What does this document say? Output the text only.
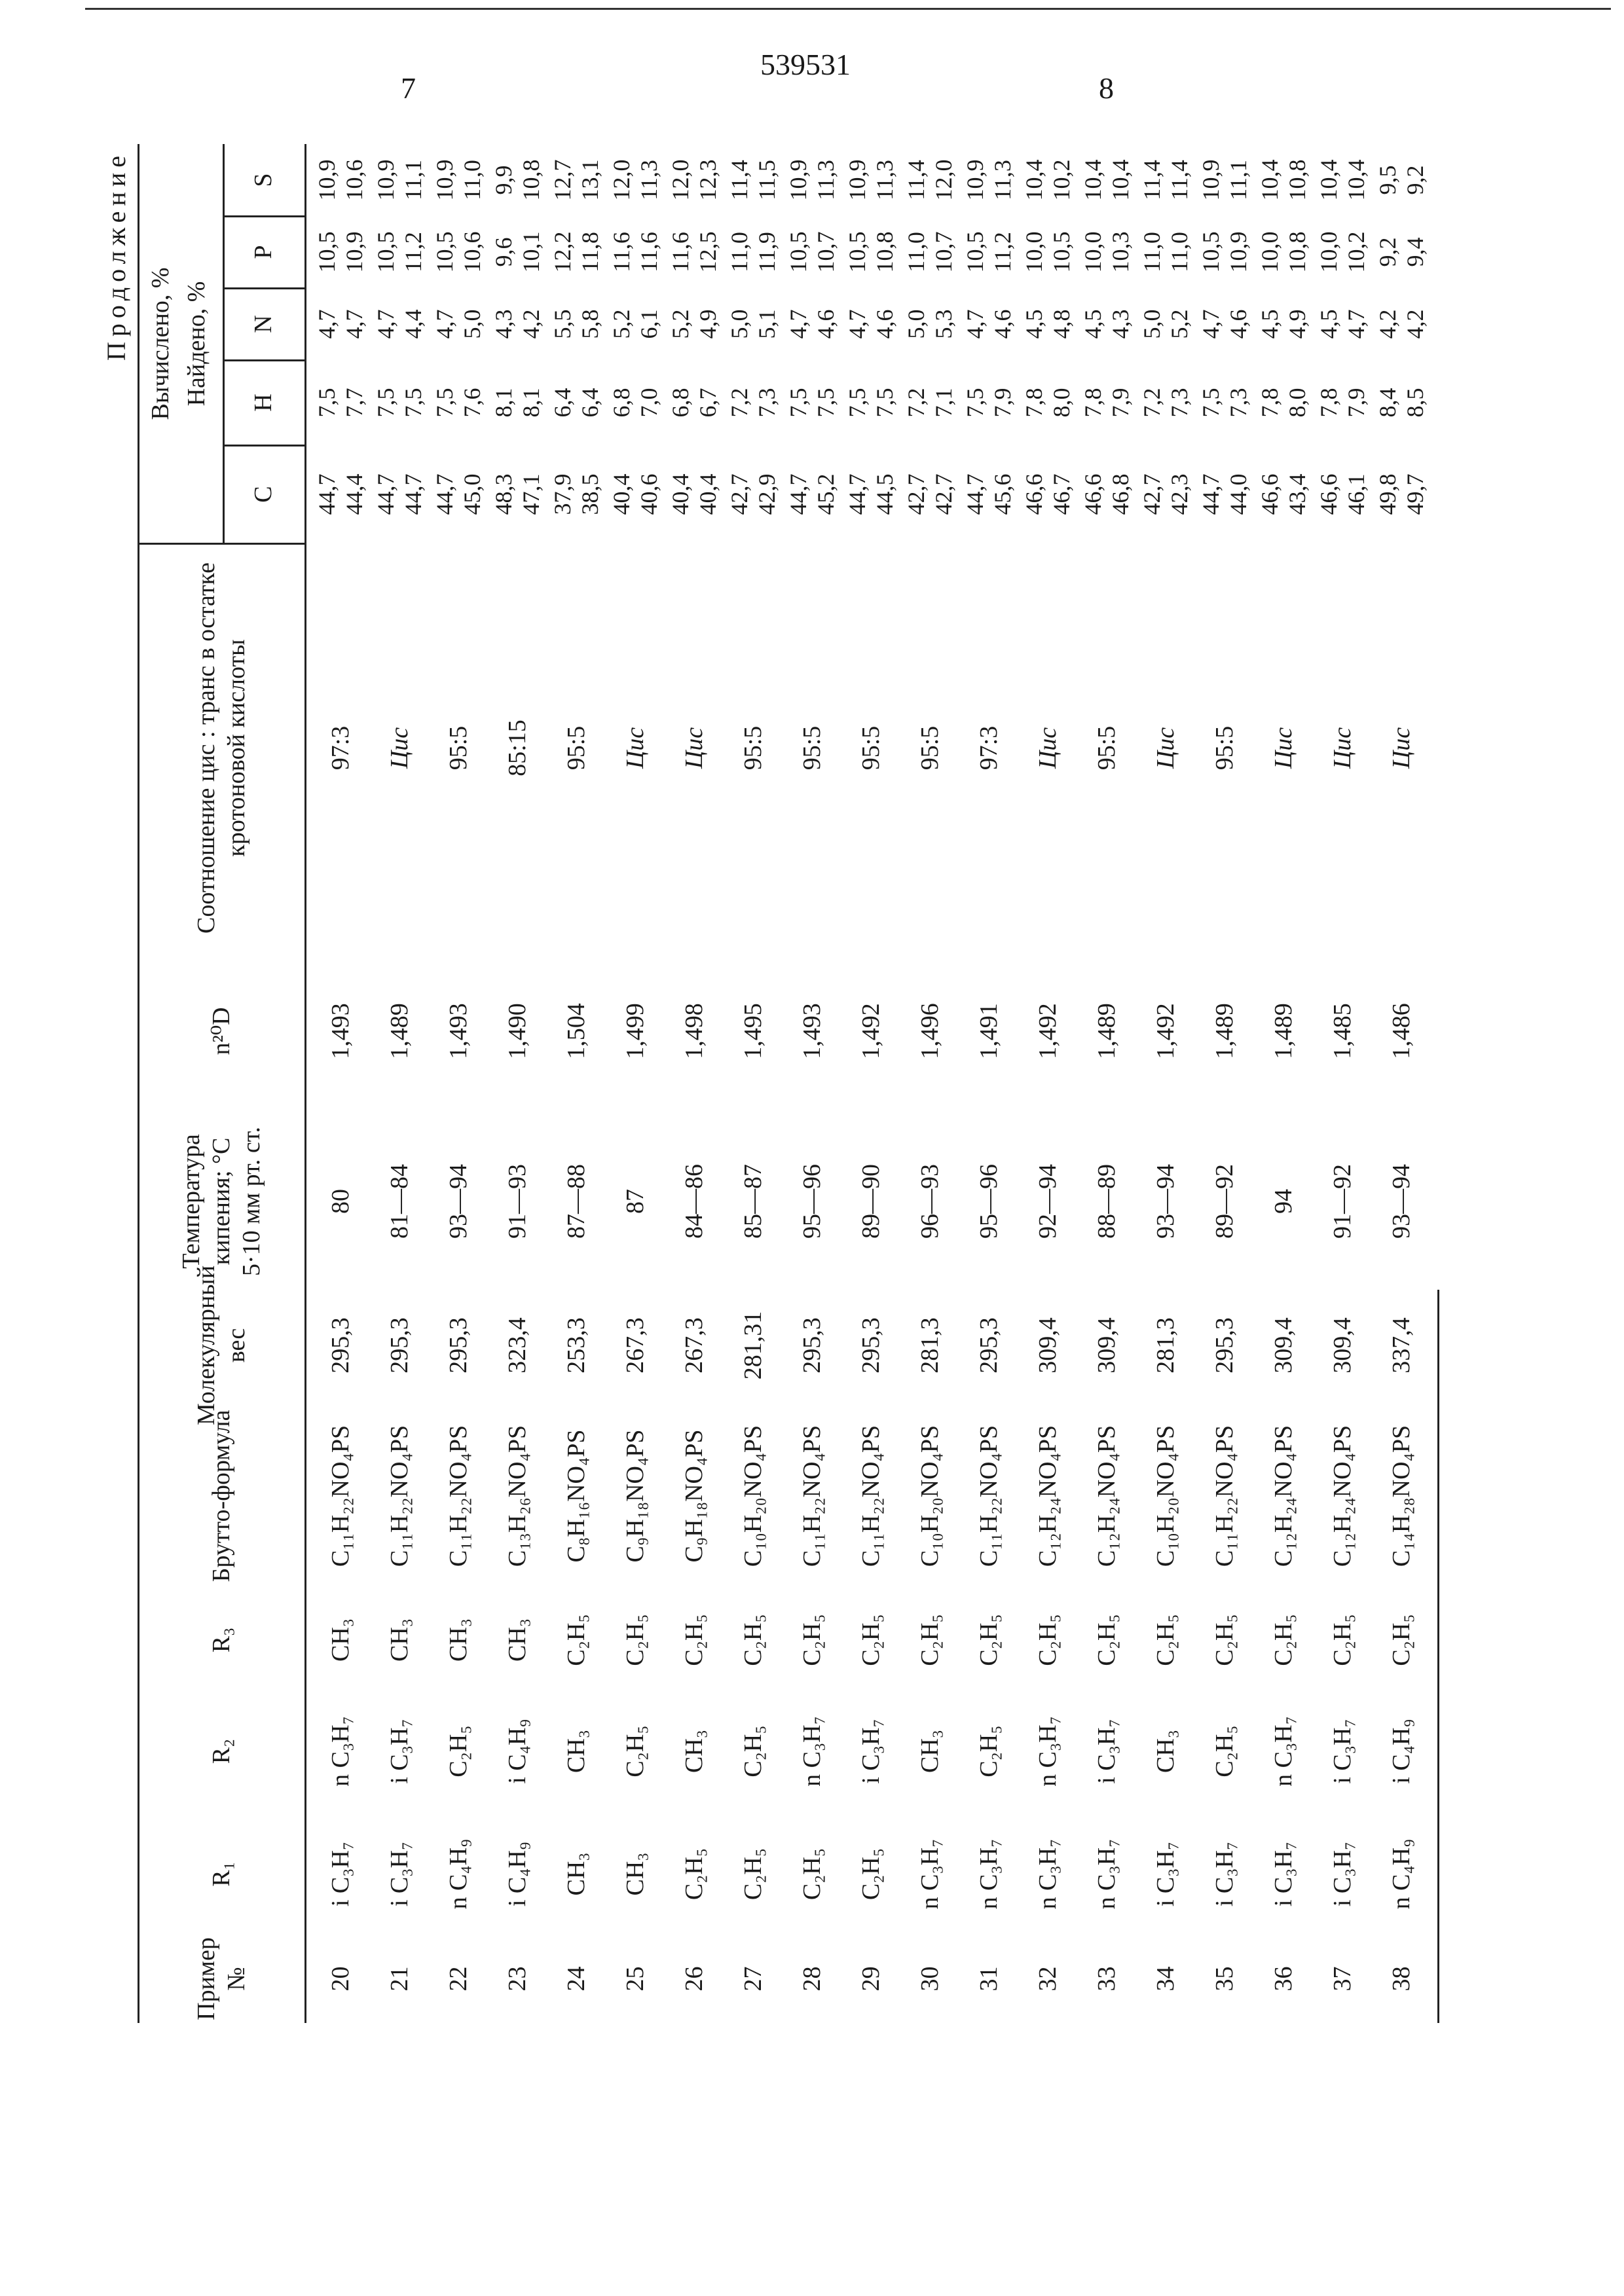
539531
7	8
Продолжение
Пример №
R₁
R₂
R₃
Брутто-формула
Молекулярный вес
Температура кипения; °C 5·10 мм рт. ст.
n²⁰D
Соотношение цис : транс в остатке кротоновой кислоты
Вычислено, % Найдено, %
C
H
N
P
S
20
i C₃H₇
n C₃H₇
CH₃
C₁₁H₂₂NO₄PS
295,3
80
1,493
97:3
44,7 44,4
7,5 7,7
4,7 4,7
10,5 10,9
10,9 10,6
21
i C₃H₇
i C₃H₇
CH₃
C₁₁H₂₂NO₄PS
295,3
81—84
1,489
Цис
44,7 44,7
7,5 7,5
4,7 4,4
10,5 11,2
10,9 11,1
22
n C₄H₉
C₂H₅
CH₃
C₁₁H₂₂NO₄PS
295,3
93—94
1,493
95:5
44,7 45,0
7,5 7,6
4,7 5,0
10,5 10,6
10,9 11,0
23
i C₄H₉
i C₄H₉
CH₃
C₁₃H₂₆NO₄PS
323,4
91—93
1,490
85:15
48,3 47,1
8,1 8,1
4,3 4,2
9,6 10,1
9,9 10,8
24
CH₃
CH₃
C₂H₅
C₈H₁₆NO₄PS
253,3
87—88
1,504
95:5
37,9 38,5
6,4 6,4
5,5 5,8
12,2 11,8
12,7 13,1
25
CH₃
C₂H₅
C₂H₅
C₉H₁₈NO₄PS
267,3
87
1,499
Цис
40,4 40,6
6,8 7,0
5,2 6,1
11,6 11,6
12,0 11,3
26
C₂H₅
CH₃
C₂H₅
C₉H₁₈NO₄PS
267,3
84—86
1,498
Цис
40,4 40,4
6,8 6,7
5,2 4,9
11,6 12,5
12,0 12,3
27
C₂H₅
C₂H₅
C₂H₅
C₁₀H₂₀NO₄PS
281,31
85—87
1,495
95:5
42,7 42,9
7,2 7,3
5,0 5,1
11,0 11,9
11,4 11,5
28
C₂H₅
n C₃H₇
C₂H₅
C₁₁H₂₂NO₄PS
295,3
95—96
1,493
95:5
44,7 45,2
7,5 7,5
4,7 4,6
10,5 10,7
10,9 11,3
29
C₂H₅
i C₃H₇
C₂H₅
C₁₁H₂₂NO₄PS
295,3
89—90
1,492
95:5
44,7 44,5
7,5 7,5
4,7 4,6
10,5 10,8
10,9 11,3
30
n C₃H₇
CH₃
C₂H₅
C₁₀H₂₀NO₄PS
281,3
96—93
1,496
95:5
42,7 42,7
7,2 7,1
5,0 5,3
11,0 10,7
11,4 12,0
31
n C₃H₇
C₂H₅
C₂H₅
C₁₁H₂₂NO₄PS
295,3
95—96
1,491
97:3
44,7 45,6
7,5 7,9
4,7 4,6
10,5 11,2
10,9 11,3
32
n C₃H₇
n C₃H₇
C₂H₅
C₁₂H₂₄NO₄PS
309,4
92—94
1,492
Цис
46,6 46,7
7,8 8,0
4,5 4,8
10,0 10,5
10,4 10,2
33
n C₃H₇
i C₃H₇
C₂H₅
C₁₂H₂₄NO₄PS
309,4
88—89
1,489
95:5
46,6 46,8
7,8 7,9
4,5 4,3
10,0 10,3
10,4 10,4
34
i C₃H₇
CH₃
C₂H₅
C₁₀H₂₀NO₄PS
281,3
93—94
1,492
Цис
42,7 42,3
7,2 7,3
5,0 5,2
11,0 11,0
11,4 11,4
35
i C₃H₇
C₂H₅
C₂H₅
C₁₁H₂₂NO₄PS
295,3
89—92
1,489
95:5
44,7 44,0
7,5 7,3
4,7 4,6
10,5 10,9
10,9 11,1
36
i C₃H₇
n C₃H₇
C₂H₅
C₁₂H₂₄NO₄PS
309,4
94
1,489
Цис
46,6 43,4
7,8 8,0
4,5 4,9
10,0 10,8
10,4 10,8
37
i C₃H₇
i C₃H₇
C₂H₅
C₁₂H₂₄NO₄PS
309,4
91—92
1,485
Цис
46,6 46,1
7,8 7,9
4,5 4,7
10,0 10,2
10,4 10,4
38
n C₄H₉
i C₄H₉
C₂H₅
C₁₄H₂₈NO₄PS
337,4
93—94
1,486
Цис
49,8 49,7
8,4 8,5
4,2 4,2
9,2 9,4
9,5 9,2
